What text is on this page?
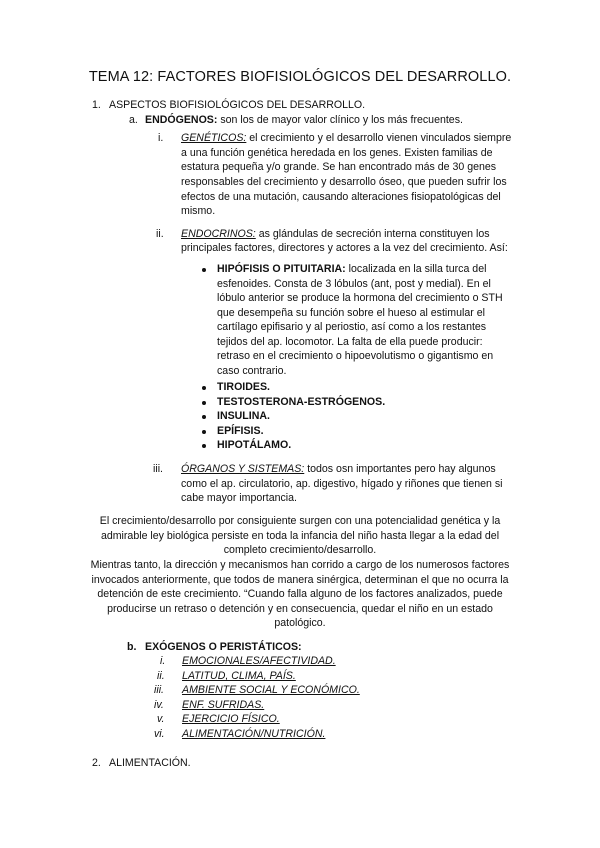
TEMA 12: FACTORES BIOFISIOLÓGICOS DEL DESARROLLO.
1. ASPECTOS BIOFISIOLÓGICOS DEL DESARROLLO.
a. ENDÓGENOS: son los de mayor valor clínico y los más frecuentes.
i. GENÉTICOS: el crecimiento y el desarrollo vienen vinculados siempre
a una función genética heredada en los genes. Existen familias de
estatura pequeña y/o grande. Se han encontrado más de 30 genes
responsables del crecimiento y desarrollo óseo, que pueden sufrir los
efectos de una mutación, causando alteraciones fisiopatológicas del
mismo.
ii. ENDOCRINOS: as glándulas de secreción interna constituyen los
principales factores, directores y actores a la vez del crecimiento. Así:
HIPÓFISIS O PITUITARIA: localizada en la silla turca del
esfenoides. Consta de 3 lóbulos (ant, post y medial). En el
lóbulo anterior se produce la hormona del crecimiento o STH
que desempeña su función sobre el hueso al estimular el
cartílago epifisario y al periostio, así como a los restantes
tejidos del ap. locomotor. La falta de ella puede producir:
retraso en el crecimiento o hipoevolutismo o gigantismo en
caso contrario.
TIROIDES.
TESTOSTERONA-ESTRÓGENOS.
INSULINA.
EPÍFISIS.
HIPOTÁLAMO.
iii. ÓRGANOS Y SISTEMAS: todos osn importantes pero hay algunos
como el ap. circulatorio, ap. digestivo, hígado y riñones que tienen si
cabe mayor importancia.
El crecimiento/desarrollo por consiguiente surgen con una potencialidad genética y la
admirable ley biológica persiste en toda la infancia del niño hasta llegar a la edad del
completo crecimiento/desarrollo.
Mientras tanto, la dirección y mecanismos han corrido a cargo de los numerosos factores
invocados anteriormente, que todos de manera sinérgica, determinan el que no ocurra la
detención de este crecimiento. “Cuando falla alguno de los factores analizados, puede
producirse un retraso o detención y en consecuencia, quedar el niño en un estado
patológico.
b. EXÓGENOS O PERISTÁTICOS:
i. EMOCIONALES/AFECTIVIDAD.
ii. LATITUD, CLIMA, PAÍS.
iii. AMBIENTE SOCIAL Y ECONÓMICO.
iv. ENF. SUFRIDAS.
v. EJERCICIO FÍSICO.
vi. ALIMENTACIÓN/NUTRICIÓN.
2. ALIMENTACIÓN.
